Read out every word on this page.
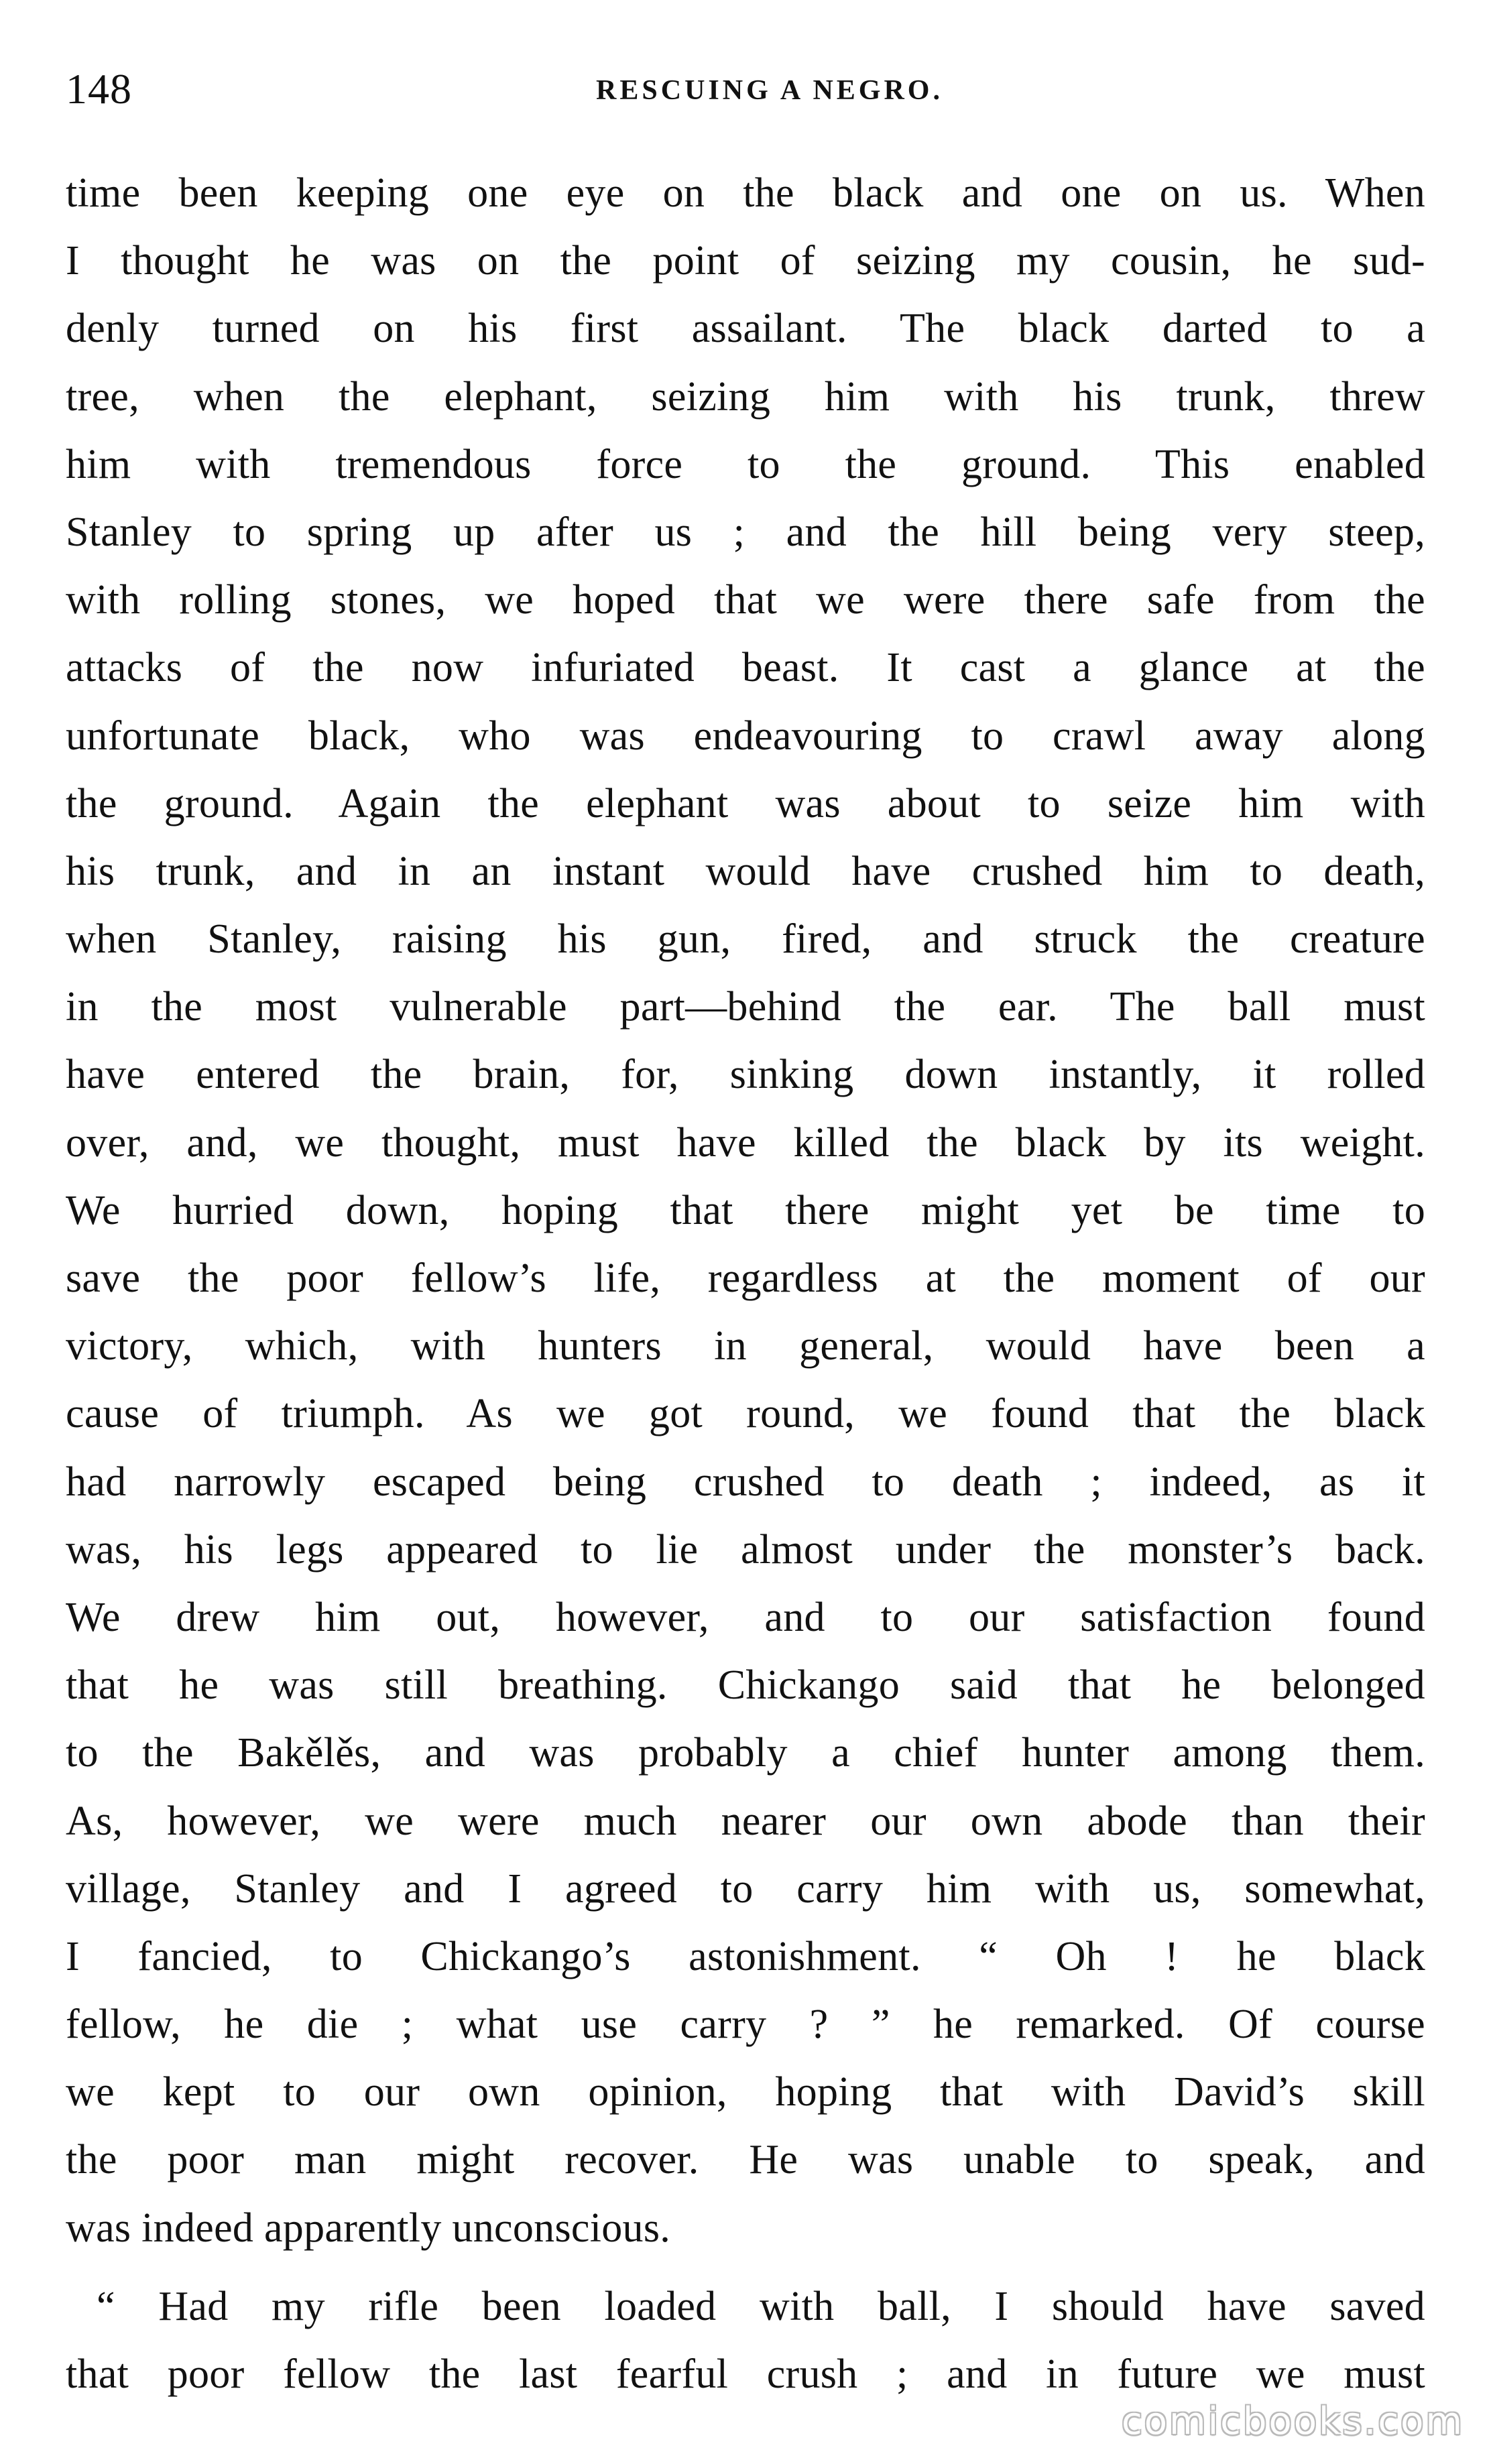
148	RESCUING A NEGRO.
time been keeping one eye on the black and one on us. When
I thought he was on the point of seizing my cousin, he sud-
denly turned on his first assailant. The black darted to a
tree, when the elephant, seizing him with his trunk, threw
him with tremendous force to the ground. This enabled
Stanley to spring up after us ; and the hill being very steep,
with rolling stones, we hoped that we were there safe from the
attacks of the now infuriated beast. It cast a glance at the
unfortunate black, who was endeavouring to crawl away along
the ground. Again the elephant was about to seize him with
his trunk, and in an instant would have crushed him to death,
when Stanley, raising his gun, fired, and struck the creature
in the most vulnerable part—behind the ear. The ball must
have entered the brain, for, sinking down instantly, it rolled
over, and, we thought, must have killed the black by its weight.
We hurried down, hoping that there might yet be time to
save the poor fellow’s life, regardless at the moment of our
victory, which, with hunters in general, would have been a
cause of triumph. As we got round, we found that the black
had narrowly escaped being crushed to death ; indeed, as it
was, his legs appeared to lie almost under the monster’s back.
We drew him out, however, and to our satisfaction found
that he was still breathing. Chickango said that he belonged
to the Bakělěs, and was probably a chief hunter among them.
As, however, we were much nearer our own abode than their
village, Stanley and I agreed to carry him with us, somewhat,
I fancied, to Chickango’s astonishment. “ Oh ! he black
fellow, he die ; what use carry ? ” he remarked. Of course
we kept to our own opinion, hoping that with David’s skill
the poor man might recover. He was unable to speak, and
was indeed apparently unconscious.
“ Had my rifle been loaded with ball, I should have saved
that poor fellow the last fearful crush ; and in future we must
comicbooks.com
